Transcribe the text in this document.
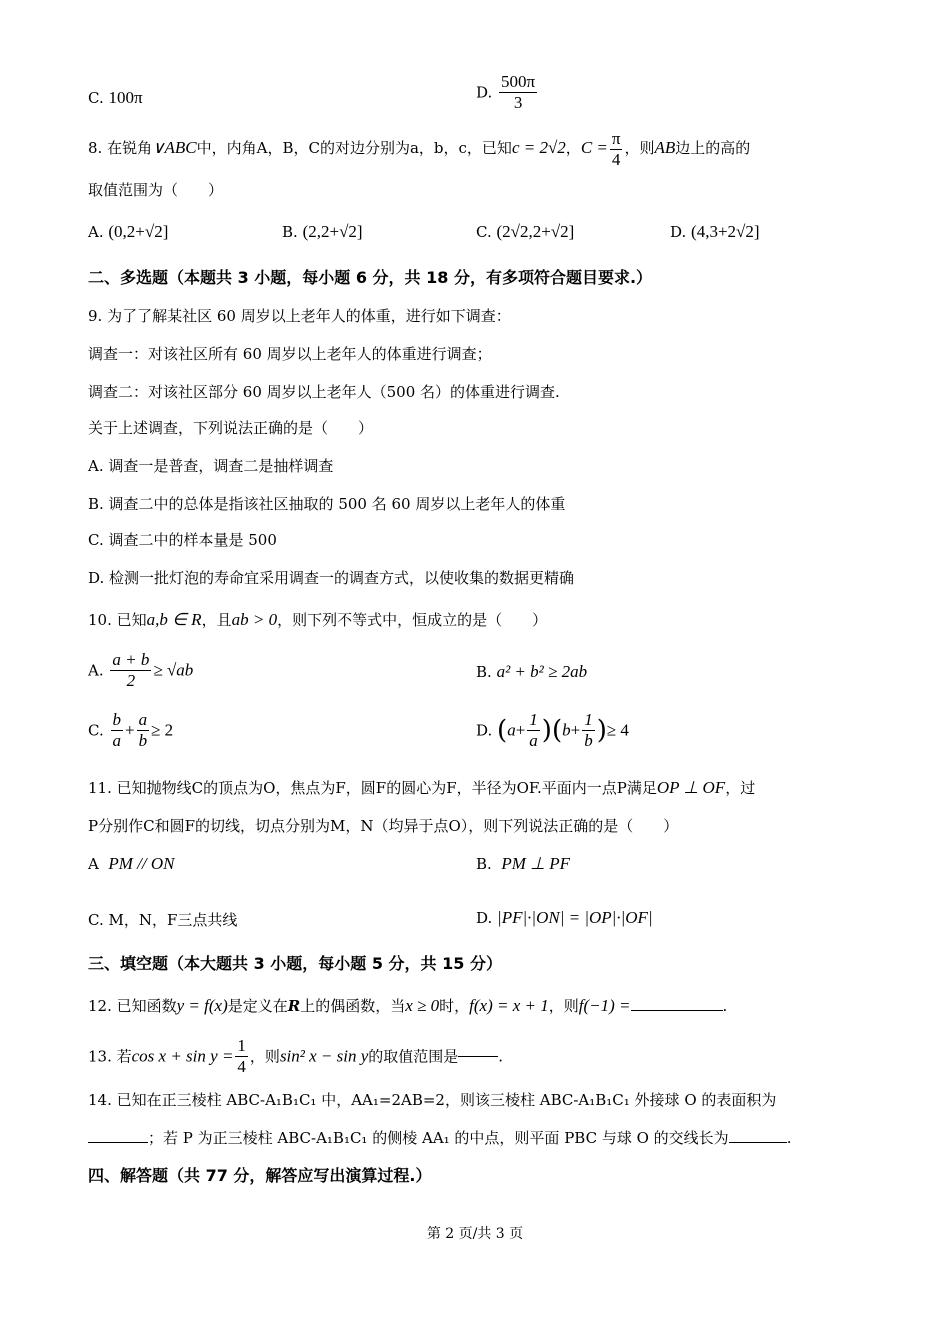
C. 100π	D. $\frac{500\pi}{3}$
8. 在锐角∨ABC中，内角A，B，C的对边分别为a，b，c，已知c = 2√2，$C = \frac{\pi}{4}$ ，则AB边上的高的
取值范围为（　　）
A. (0,2+√2]	B. (2,2+√2]	C. (2√2,2+√2]	D. (4,3+2√2]
二、多选题（本题共 3 小题，每小题 6 分，共 18 分，有多项符合题目要求.）
9. 为了了解某社区 60 周岁以上老年人的体重，进行如下调查：
调查一：对该社区所有 60 周岁以上老年人的体重进行调查；
调查二：对该社区部分 60 周岁以上老年人（500 名）的体重进行调查.
关于上述调查，下列说法正确的是（　　）
A. 调查一是普查，调查二是抽样调查
B. 调查二中的总体是指该社区抽取的 500 名 60 周岁以上老年人的体重
C. 调查二中的样本量是 500
D. 检测一批灯泡的寿命宜采用调查一的调查方式，以使收集的数据更精确
10. 已知a,b ∈ R，且ab > 0，则下列不等式中，恒成立的是（　　）
A. $\frac{a + b}{2} \ge √ab$	B. a² + b² ≥ 2ab
C. $\frac{b}{a} + \frac{a}{b} \ge 2$	D. $(a+ \frac{1}{a} )(b+ \frac{1}{b}$ )≥ 4
11. 已知抛物线C的顶点为O，焦点为F，圆F的圆心为F，半径为OF.平面内一点P满足OP ⊥ OF，过
P分别作C和圆F的切线，切点分别为M，N（均异于点O），则下列说法正确的是（　　）
A PM // ON	B. PM ⊥ PF
C. M，N，F三点共线	D. |PF|·|ON| = |OP|·|OF|
三、填空题（本大题共 3 小题，每小题 5 分，共 15 分）
12. 已知函数y = f(x)是定义在R上的偶函数，当x ≥ 0时，f(x) = x + 1，则f(−1) =	.
13. 若$\cos x + \sin y = \frac{1}{4}$ ，则sin² x − sin y的取值范围是	.
14. 已知在正三棱柱 ABC-A₁B₁C₁ 中，AA₁=2AB=2，则该三棱柱 ABC-A₁B₁C₁ 外接球 O 的表面积为
；若 P 为正三棱柱 ABC-A₁B₁C₁ 的侧棱 AA₁ 的中点，则平面 PBC 与球 O 的交线长为	.
四、解答题（共 77 分，解答应写出演算过程.）
第 2 页/共 3 页
